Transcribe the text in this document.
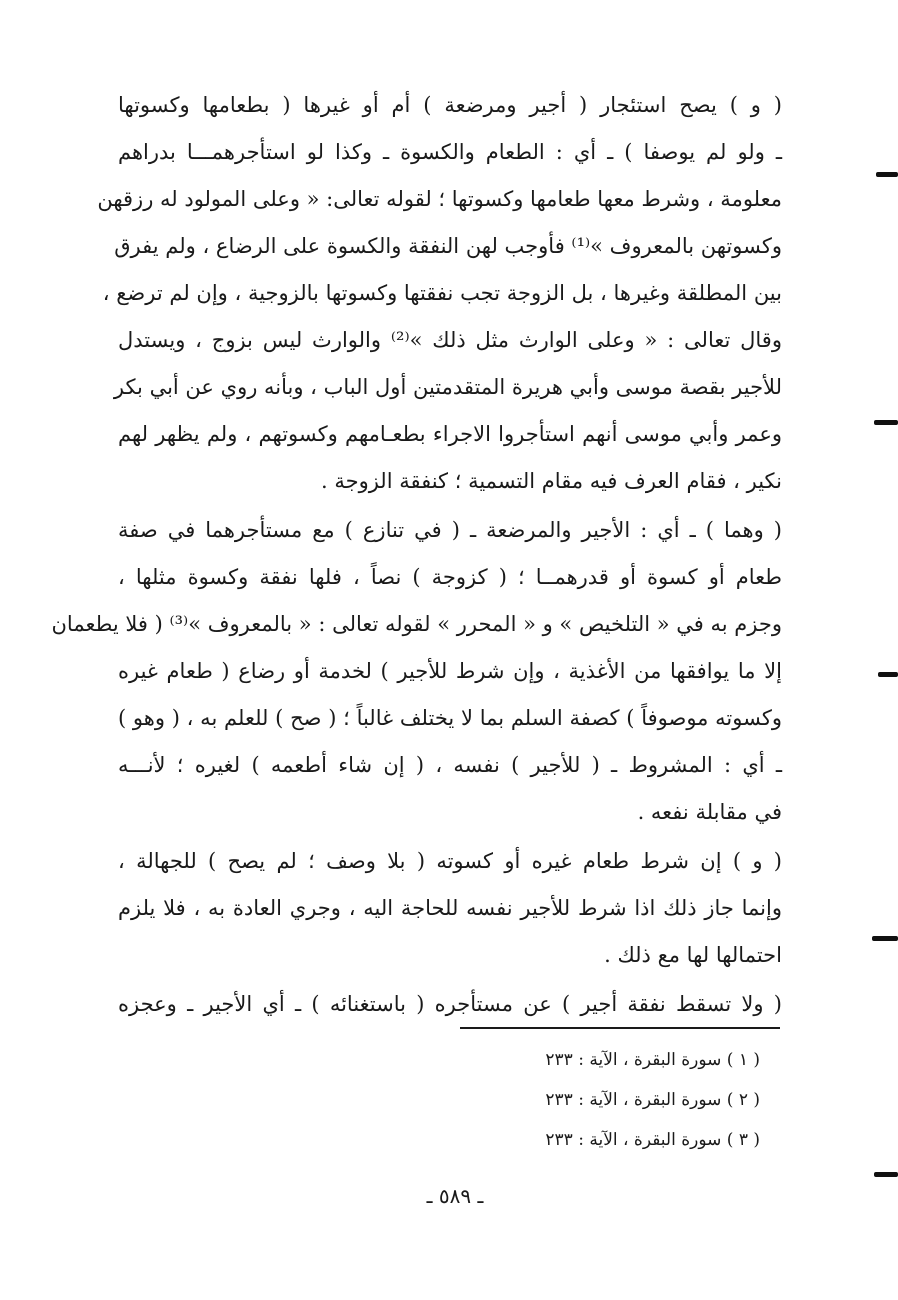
( و ) يصح استئجار ( أجير ومرضعة ) أم أو غيرها ( بطعامها وكسوتها
ـ ولو لم يوصفا ) ـ أي : الطعام والكسوة ـ وكذا لو استأجرهمـــا بدراهم
معلومة ، وشرط معها طعامها وكسوتها ؛ لقوله تعالى: « وعلى المولود له رزقهن
وكسوتهن بالمعروف »⁽¹⁾ فأوجب لهن النفقة والكسوة على الرضاع ، ولم يفرق
بين المطلقة وغيرها ، بل الزوجة تجب نفقتها وكسوتها بالزوجية ، وإن لم ترضع ،
وقال تعالى : « وعلى الوارث مثل ذلك »⁽²⁾ والوارث ليس بزوج ، ويستدل
للأجير بقصة موسى وأبي هريرة المتقدمتين أول الباب ، وبأنه روي عن أبي بكر
وعمر وأبي موسى أنهم استأجروا الاجراء بطعـامهم وكسوتهم ، ولم يظهر لهم
نكير ، فقام العرف فيه مقام التسمية ؛ كنفقة الزوجة .
( وهما ) ـ أي : الأجير والمرضعة ـ ( في تنازع ) مع مستأجرهما في صفة
طعام أو كسوة أو قدرهمــا ؛ ( كزوجة ) نصاً ، فلها نفقة وكسوة مثلها ،
وجزم به في « التلخيص » و « المحرر » لقوله تعالى : « بالمعروف »⁽³⁾ ( فلا يطعمان
إلا ما يوافقها من الأغذية ، وإن شرط للأجير ) لخدمة أو رضاع ( طعام غيره
وكسوته موصوفاً ) كصفة السلم بما لا يختلف غالباً ؛ ( صح ) للعلم به ، ( وهو )
ـ أي : المشروط ـ ( للأجير ) نفسه ، ( إن شاء أطعمه ) لغيره ؛ لأنـــه
في مقابلة نفعه .
( و ) إن شرط طعام غيره أو كسوته ( بلا وصف ؛ لم يصح ) للجهالة ،
وإنما جاز ذلك اذا شرط للأجير نفسه للحاجة اليه ، وجري العادة به ، فلا يلزم
احتمالها لها مع ذلك .
( ولا تسقط نفقة أجير ) عن مستأجره ( باستغنائه ) ـ أي الأجير ـ وعجزه
( ١ ) سورة البقرة ، الآية : ٢٣٣
( ٢ ) سورة البقرة ، الآية : ٢٣٣
( ٣ ) سورة البقرة ، الآية : ٢٣٣
ـ ٥٨٩ ـ
